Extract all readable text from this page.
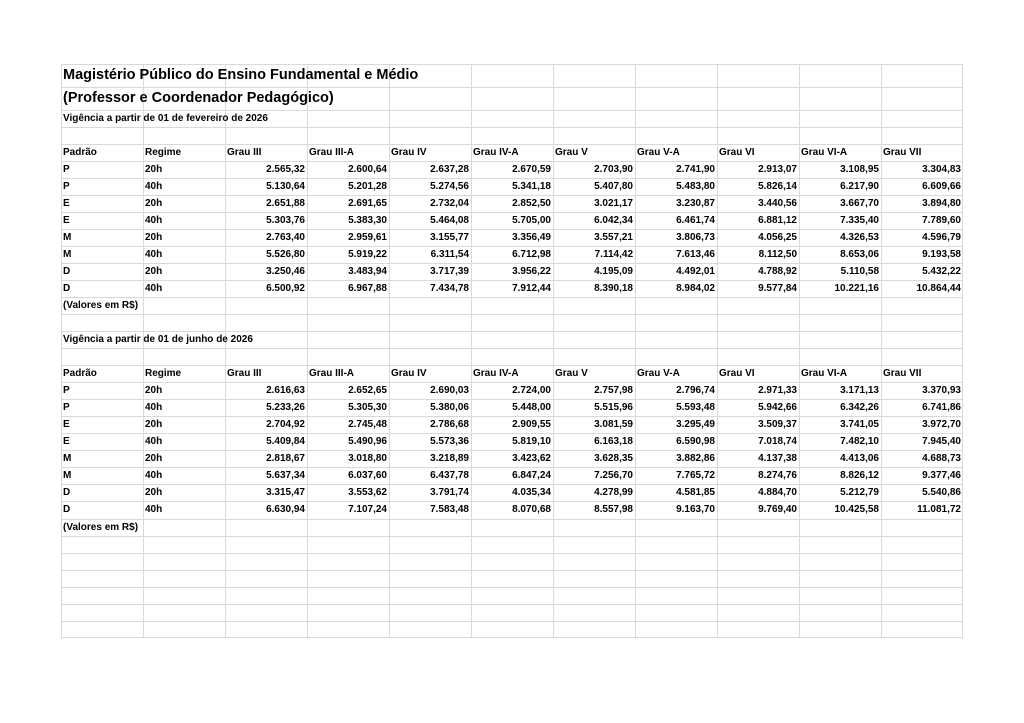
Magistério Público do Ensino Fundamental e Médio
(Professor e Coordenador Pedagógico)
Vigência a partir de 01 de fevereiro de 2026
Padrão	Regime	Grau III	Grau III-A	Grau IV	Grau IV-A	Grau V	Grau V-A	Grau VI	Grau VI-A	Grau VII
P	20h	2.565,32	2.600,64	2.637,28	2.670,59	2.703,90	2.741,90	2.913,07	3.108,95	3.304,83
P	40h	5.130,64	5.201,28	5.274,56	5.341,18	5.407,80	5.483,80	5.826,14	6.217,90	6.609,66
E	20h	2.651,88	2.691,65	2.732,04	2.852,50	3.021,17	3.230,87	3.440,56	3.667,70	3.894,80
E	40h	5.303,76	5.383,30	5.464,08	5.705,00	6.042,34	6.461,74	6.881,12	7.335,40	7.789,60
M	20h	2.763,40	2.959,61	3.155,77	3.356,49	3.557,21	3.806,73	4.056,25	4.326,53	4.596,79
M	40h	5.526,80	5.919,22	6.311,54	6.712,98	7.114,42	7.613,46	8.112,50	8.653,06	9.193,58
D	20h	3.250,46	3.483,94	3.717,39	3.956,22	4.195,09	4.492,01	4.788,92	5.110,58	5.432,22
D	40h	6.500,92	6.967,88	7.434,78	7.912,44	8.390,18	8.984,02	9.577,84	10.221,16	10.864,44
(Valores em R$)
Vigência a partir de 01 de junho de 2026
Padrão	Regime	Grau III	Grau III-A	Grau IV	Grau IV-A	Grau V	Grau V-A	Grau VI	Grau VI-A	Grau VII
P	20h	2.616,63	2.652,65	2.690,03	2.724,00	2.757,98	2.796,74	2.971,33	3.171,13	3.370,93
P	40h	5.233,26	5.305,30	5.380,06	5.448,00	5.515,96	5.593,48	5.942,66	6.342,26	6.741,86
E	20h	2.704,92	2.745,48	2.786,68	2.909,55	3.081,59	3.295,49	3.509,37	3.741,05	3.972,70
E	40h	5.409,84	5.490,96	5.573,36	5.819,10	6.163,18	6.590,98	7.018,74	7.482,10	7.945,40
M	20h	2.818,67	3.018,80	3.218,89	3.423,62	3.628,35	3.882,86	4.137,38	4.413,06	4.688,73
M	40h	5.637,34	6.037,60	6.437,78	6.847,24	7.256,70	7.765,72	8.274,76	8.826,12	9.377,46
D	20h	3.315,47	3.553,62	3.791,74	4.035,34	4.278,99	4.581,85	4.884,70	5.212,79	5.540,86
D	40h	6.630,94	7.107,24	7.583,48	8.070,68	8.557,98	9.163,70	9.769,40	10.425,58	11.081,72
(Valores em R$)
